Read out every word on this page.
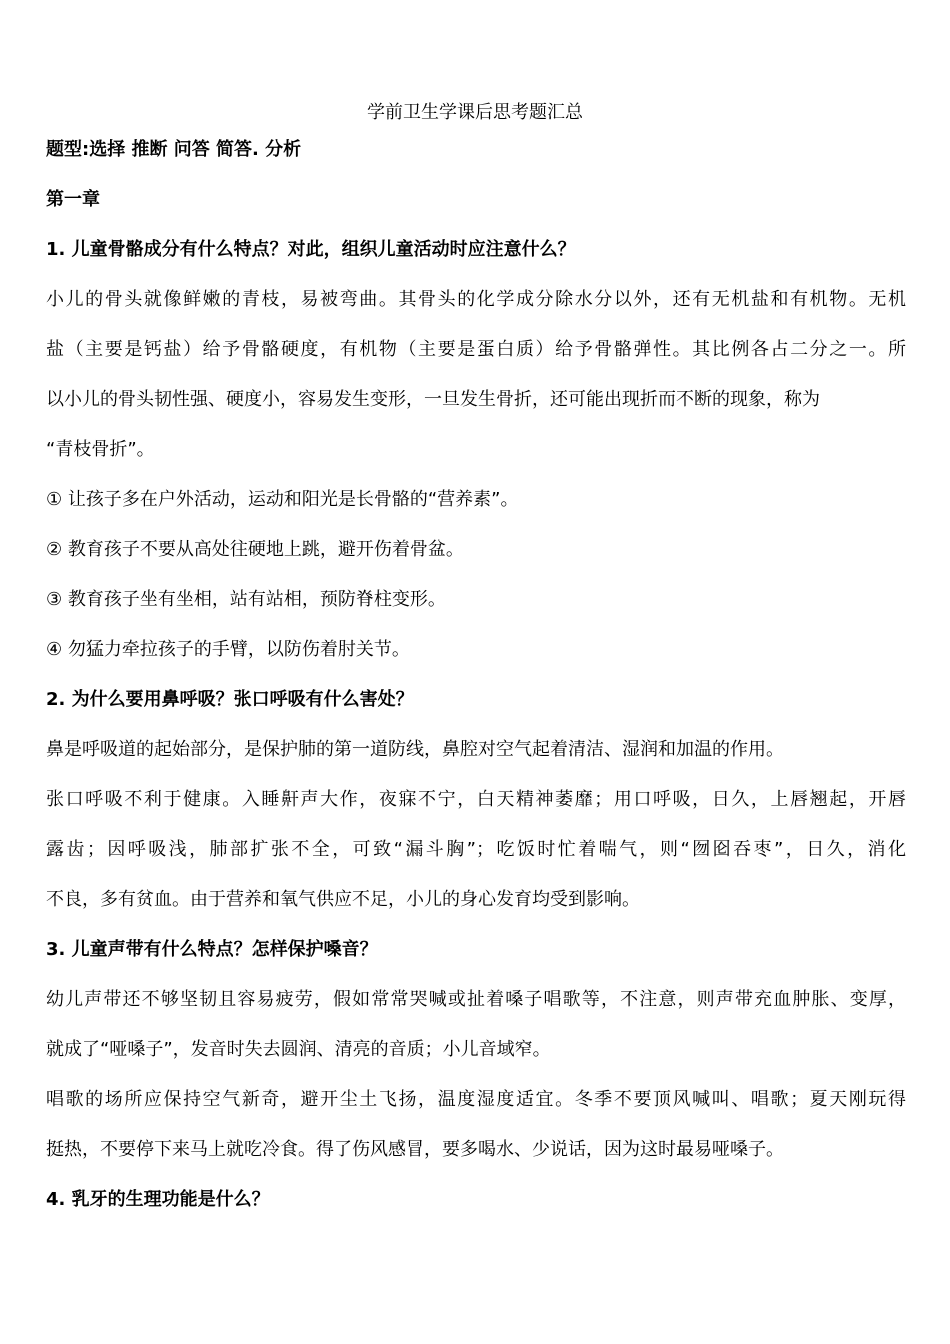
学前卫生学课后思考题汇总
题型:选择 推断 问答 简答. 分析
第一章
1. 儿童骨骼成分有什么特点？对此，组织儿童活动时应注意什么？
小儿的骨头就像鲜嫩的青枝，易被弯曲。其骨头的化学成分除水分以外，还有无机盐和有机物。无机
盐（主要是钙盐）给予骨骼硬度，有机物（主要是蛋白质）给予骨骼弹性。其比例各占二分之一。所
以小儿的骨头韧性强、硬度小，容易发生变形，一旦发生骨折，还可能出现折而不断的现象，称为
“青枝骨折”。
① 让孩子多在户外活动，运动和阳光是长骨骼的“营养素”。
② 教育孩子不要从高处往硬地上跳，避开伤着骨盆。
③ 教育孩子坐有坐相，站有站相，预防脊柱变形。
④ 勿猛力牵拉孩子的手臂，以防伤着肘关节。
2. 为什么要用鼻呼吸？张口呼吸有什么害处？
鼻是呼吸道的起始部分，是保护肺的第一道防线，鼻腔对空气起着清洁、湿润和加温的作用。
张口呼吸不利于健康。入睡鼾声大作，夜寐不宁，白天精神萎靡；用口呼吸，日久，上唇翘起，开唇
露齿；因呼吸浅，肺部扩张不全，可致“漏斗胸”；吃饭时忙着喘气，则“囫囵吞枣”，日久，消化
不良，多有贫血。由于营养和氧气供应不足，小儿的身心发育均受到影响。
3. 儿童声带有什么特点？怎样保护嗓音？
幼儿声带还不够坚韧且容易疲劳，假如常常哭喊或扯着嗓子唱歌等，不注意，则声带充血肿胀、变厚，
就成了“哑嗓子”，发音时失去圆润、清亮的音质；小儿音域窄。
唱歌的场所应保持空气新奇，避开尘土飞扬，温度湿度适宜。冬季不要顶风喊叫、唱歌；夏天刚玩得
挺热，不要停下来马上就吃冷食。得了伤风感冒，要多喝水、少说话，因为这时最易哑嗓子。
4. 乳牙的生理功能是什么？
